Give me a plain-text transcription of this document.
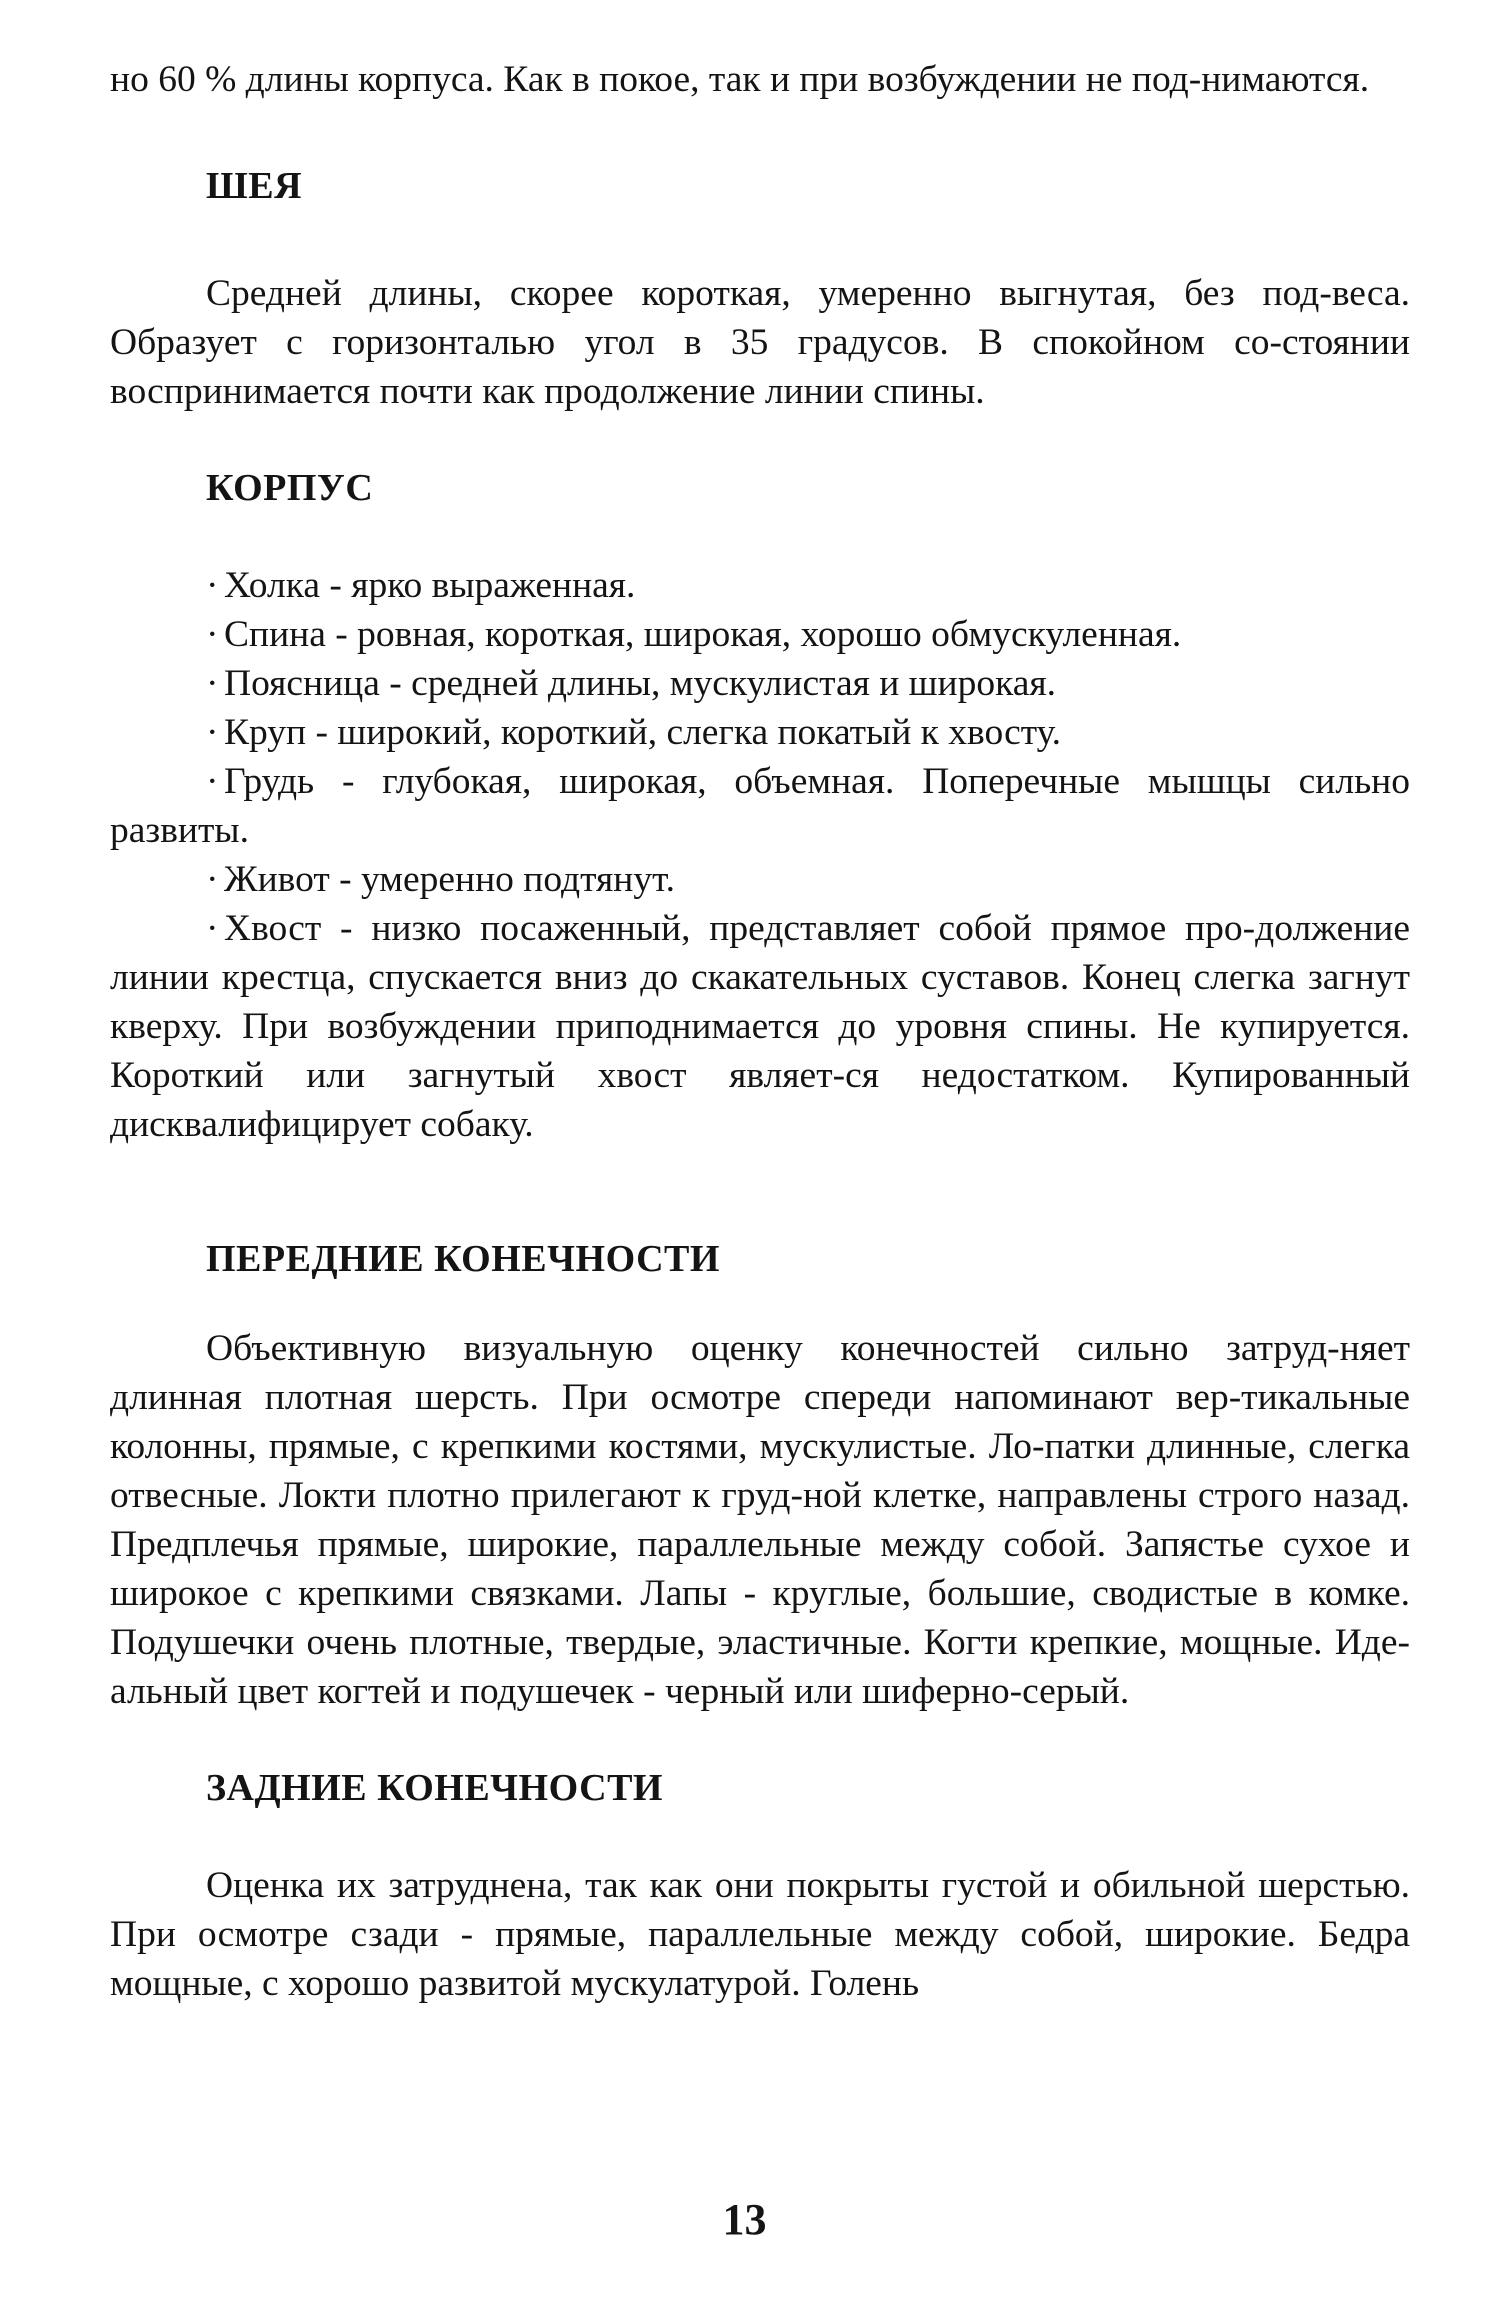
но 60 % длины корпуса. Как в покое, так и при возбуждении не под-нимаются.

ШЕЯ

Средней длины, скорее короткая, умеренно выгнутая, без под-веса. Образует с горизонталью угол в 35 градусов. В спокойном со-стоянии воспринимается почти как продолжение линии спины.

КОРПУС
· Холка - ярко выраженная.
· Спина - ровная, короткая, широкая, хорошо обмускуленная.
· Поясница - средней длины, мускулистая и широкая.
· Круп - широкий, короткий, слегка покатый к хвосту.
· Грудь - глубокая, широкая, объемная. Поперечные мышцы сильно развиты.
· Живот - умеренно подтянут.
· Хвост - низко посаженный, представляет собой прямое про-должение линии крестца, спускается вниз до скакательных суставов. Конец слегка загнут кверху. При возбуждении приподнимается до уровня спины. Не купируется. Короткий или загнутый хвост являет-ся недостатком. Купированный дисквалифицирует собаку.
ПЕРЕДНИЕ КОНЕЧНОСТИ

Объективную визуальную оценку конечностей сильно затруд-няет длинная плотная шерсть. При осмотре спереди напоминают вер-тикальные колонны, прямые, с крепкими костями, мускулистые. Ло-патки длинные, слегка отвесные. Локти плотно прилегают к груд-ной клетке, направлены строго назад. Предплечья прямые, широкие, параллельные между собой. Запястье сухое и широкое с крепкими связками. Лапы - круглые, большие, сводистые в комке. Подушечки очень плотные, твердые, эластичные. Когти крепкие, мощные. Иде-альный цвет когтей и подушечек - черный или шиферно-серый.

ЗАДНИЕ КОНЕЧНОСТИ

Оценка их затруднена, так как они покрыты густой и обильной шерстью. При осмотре сзади - прямые, параллельные между собой, широкие. Бедра мощные, с хорошо развитой мускулатурой. Голень

13
